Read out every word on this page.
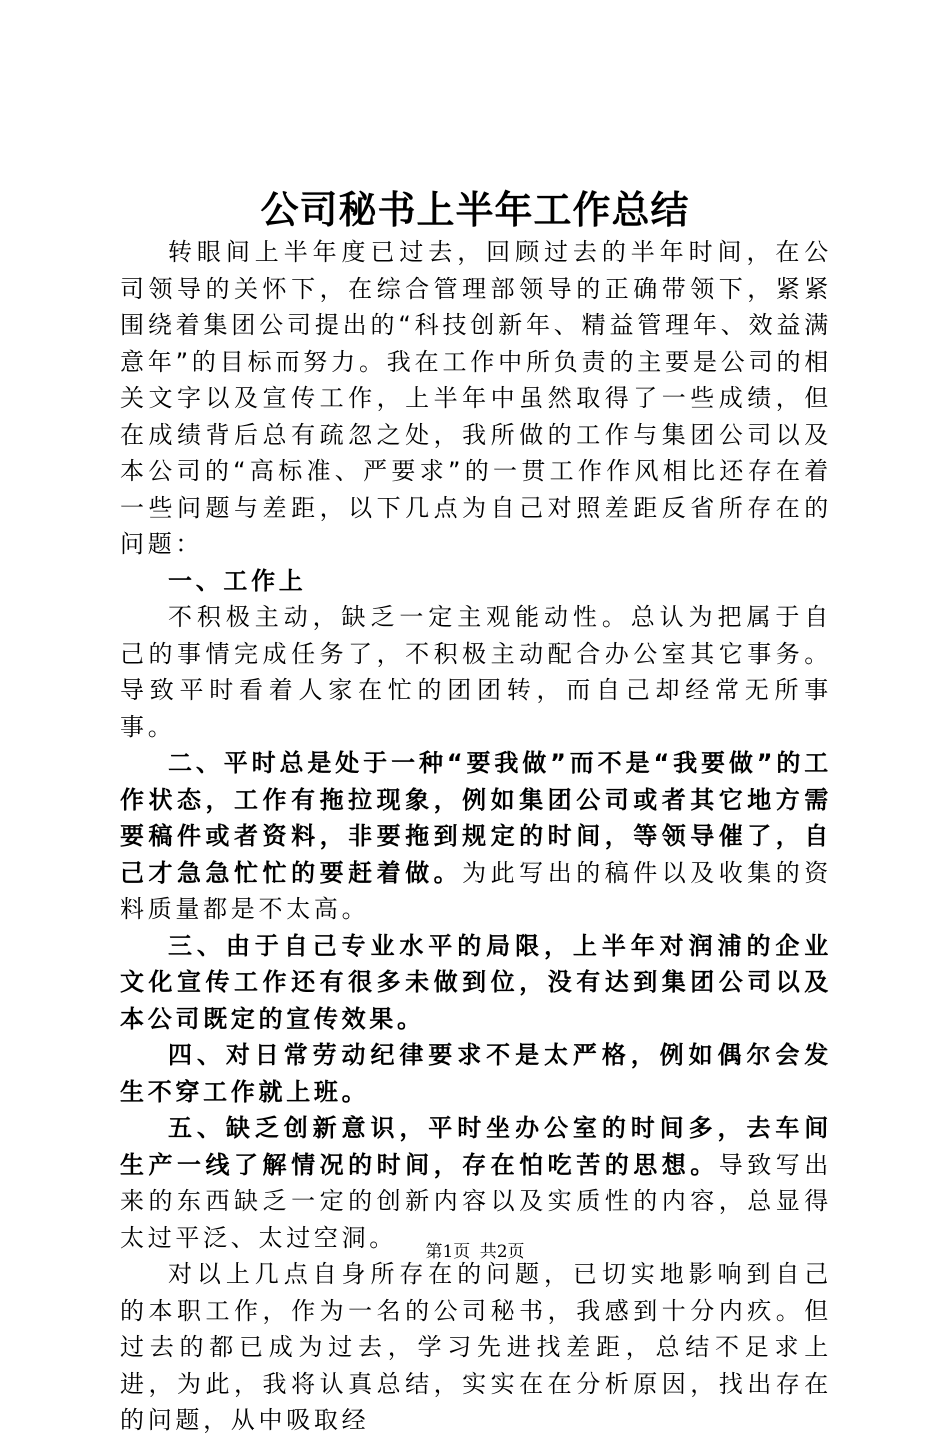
公司秘书上半年工作总结

转眼间上半年度已过去，回顾过去的半年时间，在公司领导的关怀下，在综合管理部领导的正确带领下，紧紧围绕着集团公司提出的“科技创新年、精益管理年、效益满意年”的目标而努力。我在工作中所负责的主要是公司的相关文字以及宣传工作，上半年中虽然取得了一些成绩，但在成绩背后总有疏忽之处，我所做的工作与集团公司以及本公司的“高标准、严要求”的一贯工作作风相比还存在着一些问题与差距，以下几点为自己对照差距反省所存在的问题：

一、工作上

不积极主动，缺乏一定主观能动性。总认为把属于自己的事情完成任务了，不积极主动配合办公室其它事务。导致平时看着人家在忙的团团转，而自己却经常无所事事。

二、平时总是处于一种“要我做”而不是“我要做”的工作状态，工作有拖拉现象，例如集团公司或者其它地方需要稿件或者资料，非要拖到规定的时间，等领导催了，自己才急急忙忙的要赶着做。为此写出的稿件以及收集的资料质量都是不太高。

三、由于自己专业水平的局限，上半年对润浦的企业文化宣传工作还有很多未做到位，没有达到集团公司以及本公司既定的宣传效果。

四、对日常劳动纪律要求不是太严格，例如偶尔会发生不穿工作就上班。

五、缺乏创新意识，平时坐办公室的时间多，去车间生产一线了解情况的时间，存在怕吃苦的思想。导致写出来的东西缺乏一定的创新内容以及实质性的内容，总显得太过平泛、太过空洞。

对以上几点自身所存在的问题，已切实地影响到自己的本职工作，作为一名的公司秘书，我感到十分内疚。但过去的都已成为过去，学习先进找差距，总结不足求上进，为此，我将认真总结，实实在在分析原因，找出存在的问题，从中吸取经

第1页 共2页
